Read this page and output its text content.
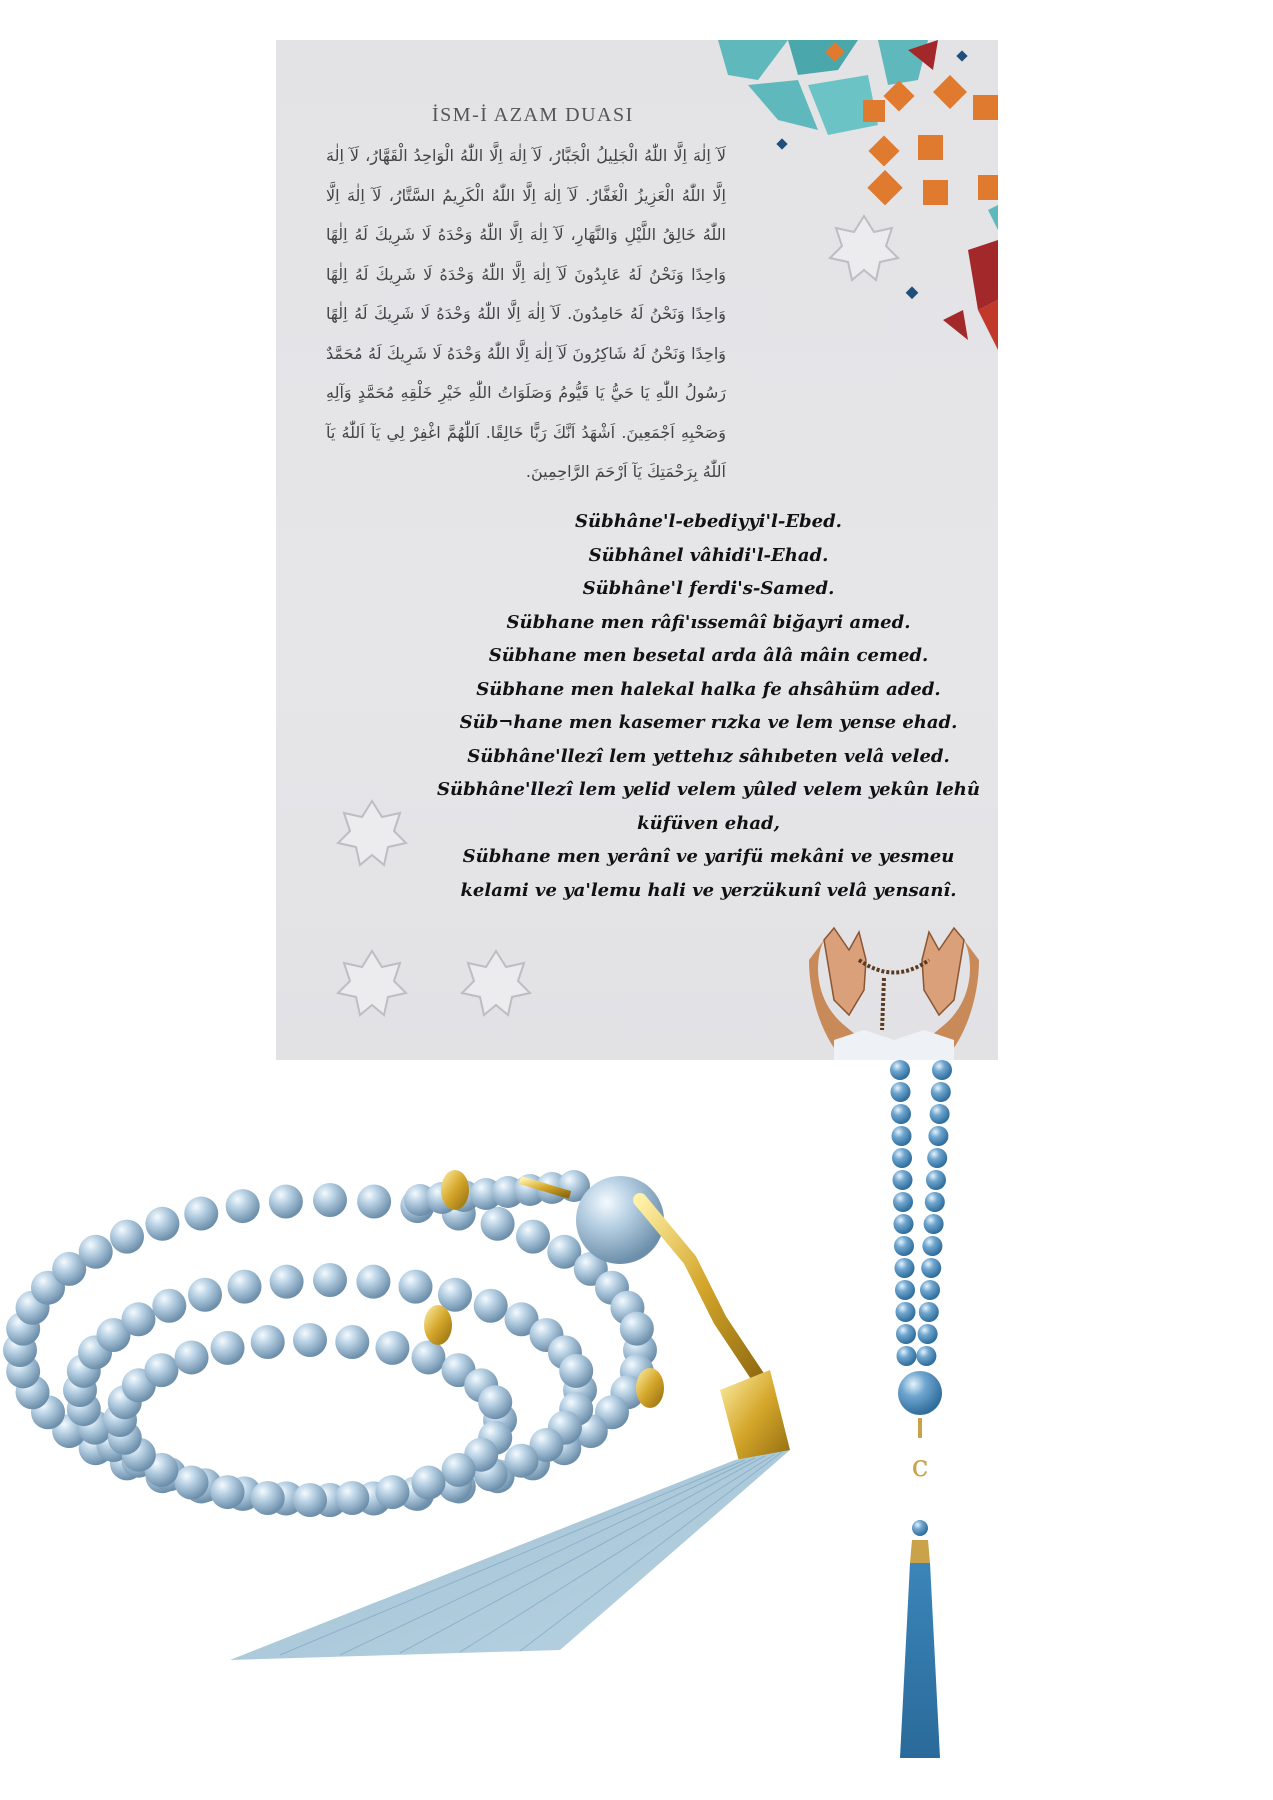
İSM-İ AZAM DUASI

لَآ اِلٰهَ اِلَّا اللّٰهُ الْجَلِيلُ الْجَبَّارُ، لَآ اِلٰهَ اِلَّا اللّٰهُ الْوَاحِدُ الْقَهَّارُ، لَآ اِلٰهَ اِلَّا اللّٰهُ الْعَزِيزُ الْغَفَّارُ. لَآ اِلٰهَ اِلَّا اللّٰهُ الْكَرِيمُ السَّتَّارُ، لَآ اِلٰهَ اِلَّا اللّٰهُ خَالِقُ اللَّيْلِ وَالنَّهَارِ، لَآ اِلٰهَ اِلَّا اللّٰهُ وَحْدَهُ لَا شَرِيكَ لَهُ اِلٰهًا وَاحِدًا وَنَحْنُ لَهُ عَابِدُونَ لَآ اِلٰهَ اِلَّا اللّٰهُ وَحْدَهُ لَا شَرِيكَ لَهُ اِلٰهًا وَاحِدًا وَنَحْنُ لَهُ حَامِدُونَ. لَآ اِلٰهَ اِلَّا اللّٰهُ وَحْدَهُ لَا شَرِيكَ لَهُ اِلٰهًا وَاحِدًا وَنَحْنُ لَهُ شَاكِرُونَ لَآ اِلٰهَ اِلَّا اللّٰهُ وَحْدَهُ لَا شَرِيكَ لَهُ مُحَمَّدٌ رَسُولُ اللّٰهِ يَا حَيُّ يَا قَيُّومُ وَصَلَوَاتُ اللّٰهِ خَيْرِ خَلْقِهِ مُحَمَّدٍ وَآلِهِ وَصَحْبِهِ اَجْمَعِينَ. اَشْهَدُ اَنَّكَ رَبًّا خَالِقًا. اَللّٰهُمَّ اغْفِرْ لِي يَآ اَللّٰهُ يَآ اَللّٰهُ بِرَحْمَتِكَ يَآ اَرْحَمَ الرَّاحِمِينَ.

Sübhâne'l-ebediyyi'l-Ebed.
Sübhânel vâhidi'l-Ehad.
Sübhâne'l ferdi's-Samed.
Sübhane men râfi'ıssemâî biğayri amed.
Sübhane men besetal arda âlâ mâin cemed.
Sübhane men halekal halka fe ahsâhüm aded.
Süb¬hane men kasemer rızka ve lem yense ehad.
Sübhâne'llezî lem yettehız sâhıbeten velâ veled.
Sübhâne'llezî lem yelid velem yûled velem yekûn lehû küfüven ehad,
Sübhane men yerânî ve yarifü mekâni ve yesmeu kelami ve ya'lemu hali ve yerzükunî velâ yensanî.
c
